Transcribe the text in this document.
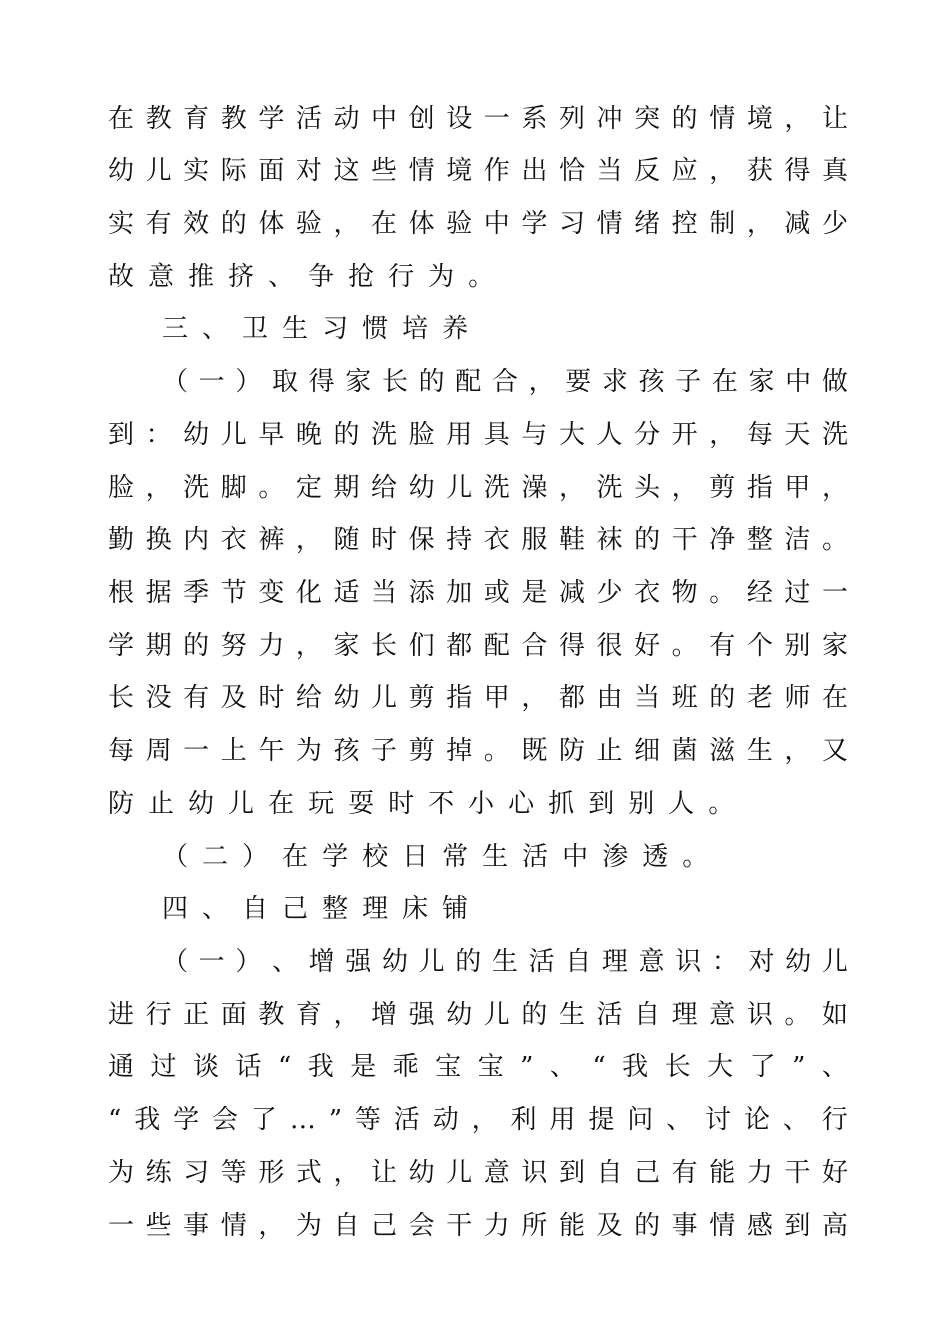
在 教 育 教 学 活 动 中 创 设 一 系 列 冲 突 的 情 境 ， 让
幼 儿 实 际 面 对 这 些 情 境 作 出 恰 当 反 应 ， 获 得 真
实 有 效 的 体 验 ， 在 体 验 中 学 习 情 绪 控 制 ， 减 少
故 意 推 挤 、 争 抢 行 为 。
三 、 卫 生 习 惯 培 养
（ 一 ） 取 得 家 长 的 配 合 ， 要 求 孩 子 在 家 中 做
到 ： 幼 儿 早 晚 的 洗 脸 用 具 与 大 人 分 开 ， 每 天 洗
脸 ， 洗 脚 。 定 期 给 幼 儿 洗 澡 ， 洗 头 ， 剪 指 甲 ，
勤 换 内 衣 裤 ， 随 时 保 持 衣 服 鞋 袜 的 干 净 整 洁 。
根 据 季 节 变 化 适 当 添 加 或 是 减 少 衣 物 。 经 过 一
学 期 的 努 力 ， 家 长 们 都 配 合 得 很 好 。 有 个 别 家
长 没 有 及 时 给 幼 儿 剪 指 甲 ， 都 由 当 班 的 老 师 在
每 周 一 上 午 为 孩 子 剪 掉 。 既 防 止 细 菌 滋 生 ， 又
防 止 幼 儿 在 玩 耍 时 不 小 心 抓 到 别 人 。
（ 二 ） 在 学 校 日 常 生 活 中 渗 透 。
四 、 自 己 整 理 床 铺
（ 一 ） 、 增 强 幼 儿 的 生 活 自 理 意 识 ： 对 幼 儿
进 行 正 面 教 育 ， 增 强 幼 儿 的 生 活 自 理 意 识 。 如
通 过 谈 话 “ 我 是 乖 宝 宝 ” 、 “ 我 长 大 了 ” 、
“ 我 学 会 了 … ” 等 活 动 ， 利 用 提 问 、 讨 论 、 行
为 练 习 等 形 式 ， 让 幼 儿 意 识 到 自 己 有 能 力 干 好
一 些 事 情 ， 为 自 己 会 干 力 所 能 及 的 事 情 感 到 高
